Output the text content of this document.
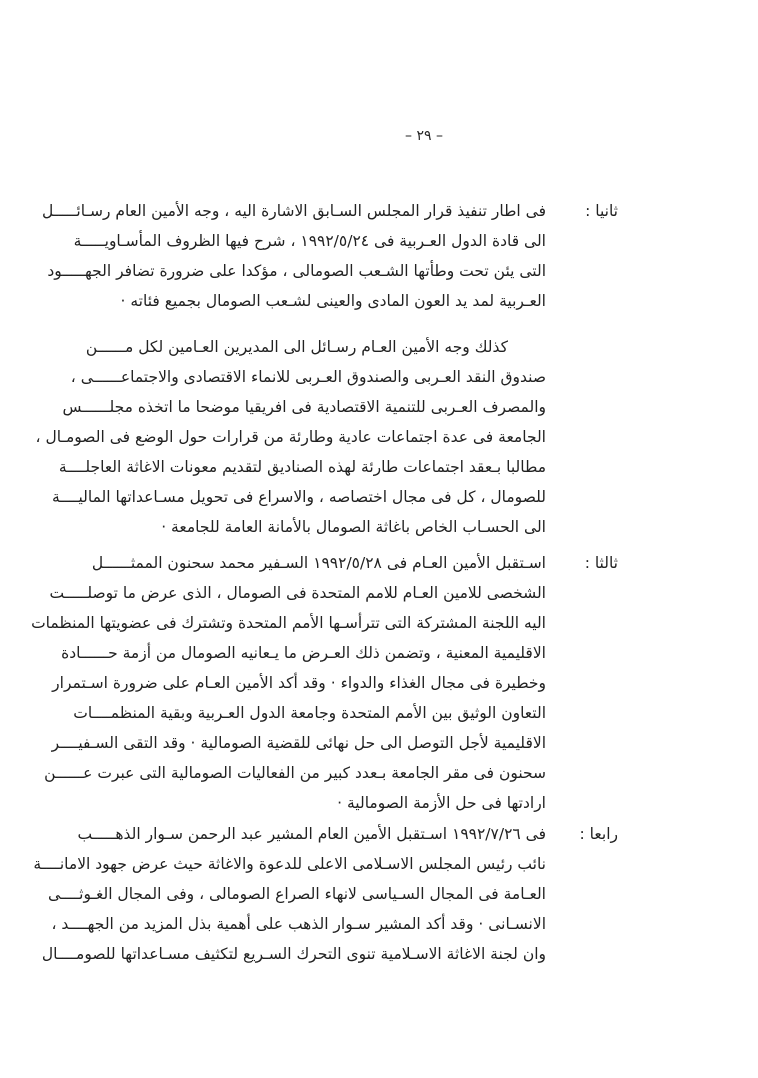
– ٢٩ –
ثانيا :
فى اطار تنفيذ قرار المجلس السـابق الاشارة اليه ، وجه الأمين العام رسـائـــــل
الى قادة الدول العـربية فى ١٩٩٢/٥/٢٤ ، شرح فيها الظروف المأسـاويـــــة
التى يئن تحت وطأتها الشـعب الصومالى ، مؤكدا على ضرورة تضافر الجهـــــود
العـربية لمد يد العون المادى والعينى لشـعب الصومال بجميع فئاته ·
كذلك وجه الأمين العـام رسـائل الى المديرين العـامين لكل مــــــن
صندوق النقد العـربى والصندوق العـربى للانماء الاقتصادى والاجتماعــــــى ،
والمصرف العـربى للتنمية الاقتصادية فى افريقيا موضحا ما اتخذه مجلــــــس
الجامعة فى عدة اجتماعات عادية وطارئة من قرارات حول الوضع فى الصومـال ،
مطالبا بـعقد اجتماعات طارئة لهذه الصناديق لتقديم معونات الاغاثة العاجلــــة
للصومال ، كل فى مجال اختصاصه ، والاسراع فى تحويل مسـاعداتها الماليــــة
الى الحسـاب الخاص باغاثة الصومال بالأمانة العامة للجامعة ·
ثالثا :
اسـتقبل الأمين العـام فى ١٩٩٢/٥/٢٨ السـفير محمد سحنون الممثــــــل
الشخصى للامين العـام للامم المتحدة فى الصومال ، الذى عرض ما توصلـــــت
اليه اللجنة المشتركة التى تترأسـها الأمم المتحدة وتشترك فى عضويتها المنظمات
الاقليمية المعنية ، وتضمن ذلك العـرض ما يـعانيه الصومال من أزمة حــــــادة
وخطيرة فى مجال الغذاء والدواء · وقد أكد الأمين العـام على ضرورة اسـتمرار
التعاون الوثيق بين الأمم المتحدة وجامعة الدول العـربية وبقية المنظمــــات
الاقليمية لأجل التوصل الى حل نهائى للقضية الصومالية · وقد التقى السـفيــــر
سحنون فى مقر الجامعة بـعدد كبير من الفعاليات الصومالية التى عبرت عــــــن
ارادتها فى حل الأزمة الصومالية ·
رابعا :
فى ١٩٩٢/٧/٢٦ اسـتقبل الأمين العام المشير عبد الرحمن سـوار الذهـــــب
نائب رئيس المجلس الاسـلامى الاعلى للدعوة والاغاثة حيث عرض جهود الامانــــة
العـامة فى المجال السـياسى لانهاء الصراع الصومالى ، وفى المجال الغـوثــــى
الانسـانى · وقد أكد المشير سـوار الذهب على أهمية بذل المزيد من الجهــــد ،
وان لجنة الاغاثة الاسـلامية تنوى التحرك السـريع لتكثيف مسـاعداتها للصومــــال
